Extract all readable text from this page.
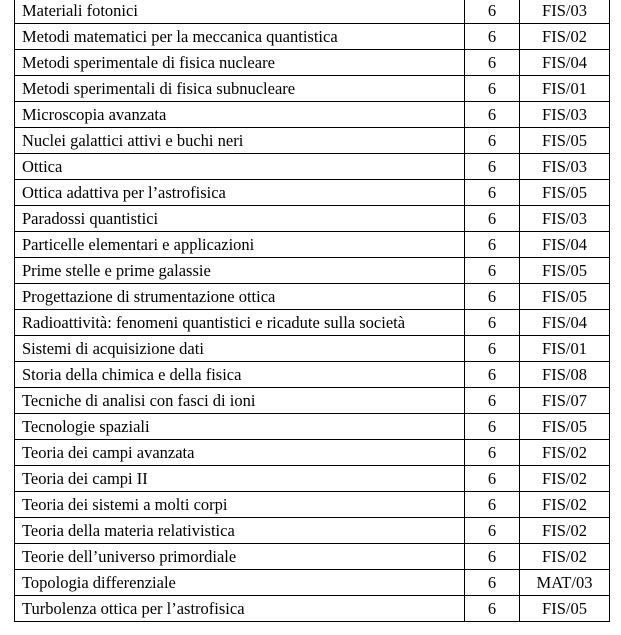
Materiali fotonici	6	FIS/03
Metodi matematici per la meccanica quantistica	6	FIS/02
Metodi sperimentale di fisica nucleare	6	FIS/04
Metodi sperimentali di fisica subnucleare	6	FIS/01
Microscopia avanzata	6	FIS/03
Nuclei galattici attivi e buchi neri	6	FIS/05
Ottica	6	FIS/03
Ottica adattiva per l’astrofisica	6	FIS/05
Paradossi quantistici	6	FIS/03
Particelle elementari e applicazioni	6	FIS/04
Prime stelle e prime galassie	6	FIS/05
Progettazione di strumentazione ottica	6	FIS/05
Radioattività: fenomeni quantistici e ricadute sulla società	6	FIS/04
Sistemi di acquisizione dati	6	FIS/01
Storia della chimica e della fisica	6	FIS/08
Tecniche di analisi con fasci di ioni	6	FIS/07
Tecnologie spaziali	6	FIS/05
Teoria dei campi avanzata	6	FIS/02
Teoria dei campi II	6	FIS/02
Teoria dei sistemi a molti corpi	6	FIS/02
Teoria della materia relativistica	6	FIS/02
Teorie dell’universo primordiale	6	FIS/02
Topologia differenziale	6	MAT/03
Turbolenza ottica per l’astrofisica	6	FIS/05
